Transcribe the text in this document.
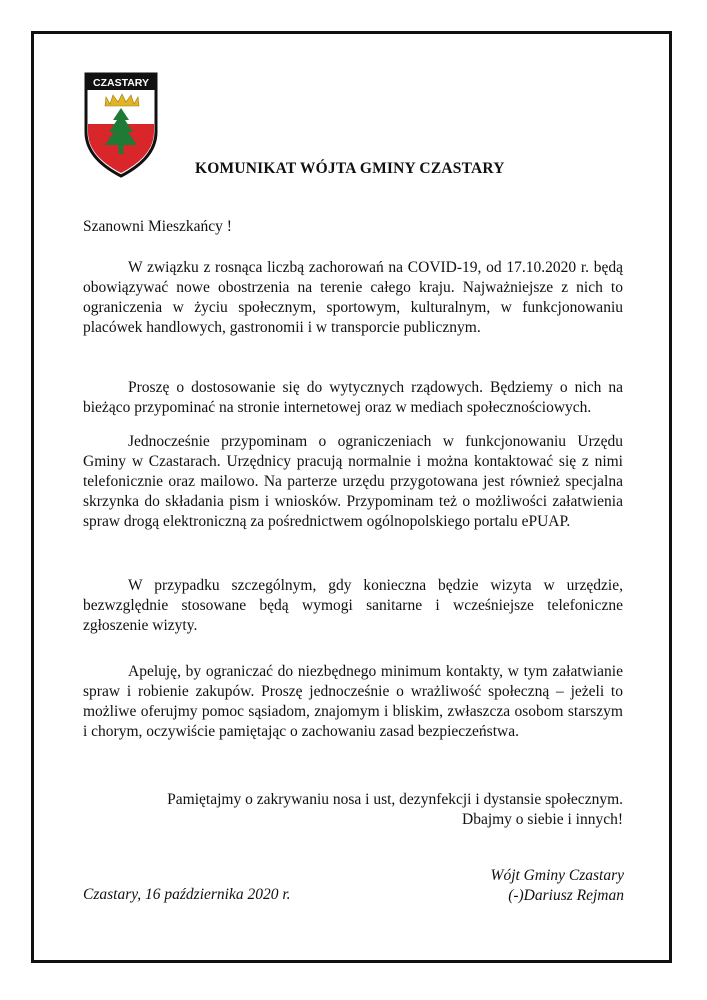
CZASTARY
KOMUNIKAT WÓJTA GMINY CZASTARY
Szanowni Mieszkańcy !
W związku z rosnąca liczbą zachorowań na COVID-19, od 17.10.2020 r. będą obowiązywać nowe obostrzenia na terenie całego kraju. Najważniejsze z nich to ograniczenia w życiu społecznym, sportowym, kulturalnym, w funkcjonowaniu placówek handlowych, gastronomii i w transporcie publicznym.
Proszę o dostosowanie się do wytycznych rządowych. Będziemy o nich na bieżąco przypominać na stronie internetowej oraz w mediach społecznościowych.
Jednocześnie przypominam o ograniczeniach w funkcjonowaniu Urzędu Gminy w Czastarach. Urzędnicy pracują normalnie i można kontaktować się z nimi telefonicznie oraz mailowo. Na parterze urzędu przygotowana jest również specjalna skrzynka do składania pism i wniosków. Przypominam też o możliwości załatwienia spraw drogą elektroniczną za pośrednictwem ogólnopolskiego portalu ePUAP.
W przypadku szczególnym, gdy konieczna będzie wizyta w urzędzie, bezwzględnie stosowane będą wymogi sanitarne i wcześniejsze telefoniczne zgłoszenie wizyty.
Apeluję, by ograniczać do niezbędnego minimum kontakty, w tym załatwianie spraw i robienie zakupów. Proszę jednocześnie o wrażliwość społeczną – jeżeli to możliwe oferujmy pomoc sąsiadom, znajomym i bliskim, zwłaszcza osobom starszym i chorym, oczywiście pamiętając o zachowaniu zasad bezpieczeństwa.
Pamiętajmy o zakrywaniu nosa i ust, dezynfekcji i dystansie społecznym.
Dbajmy o siebie i innych!
Wójt Gminy Czastary
(-)Dariusz Rejman
Czastary, 16 października 2020 r.
